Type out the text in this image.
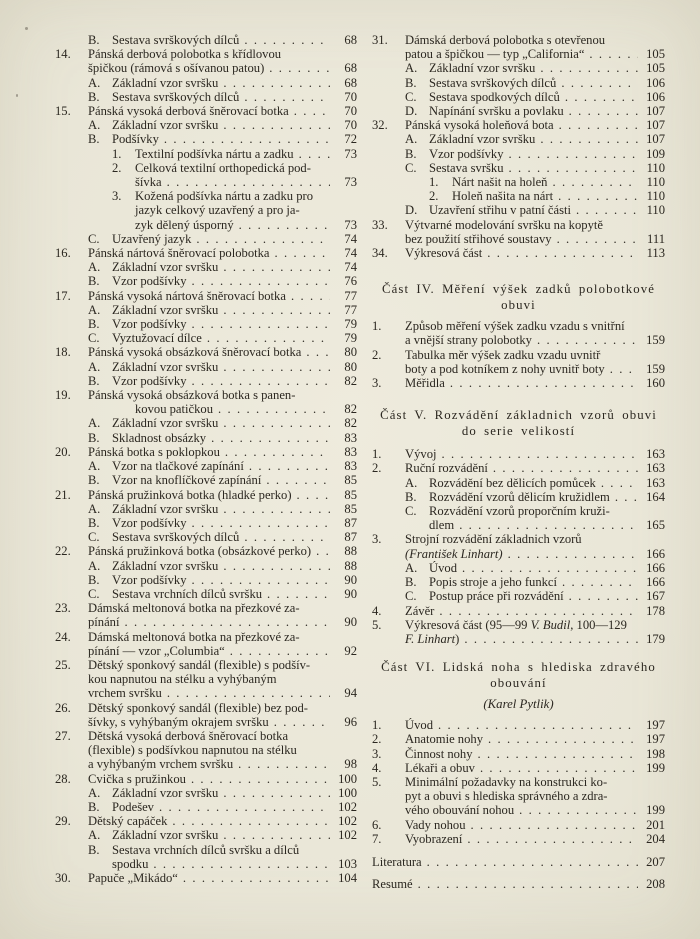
B. Sestava svrškových dílců . . .	68
14.	Pánská derbová polobotka s křídlovou
špičkou (rámová s ošívanou patou) . . .	68
A. Základní vzor svršku . . .	68
B. Sestava svrškových dílců . . .	70
15.	Pánská vysoká derbová šněrovací botka . . .	70
A. Základní vzor svršku . . .	70
B. Podšívky . . .	72
1.	Textilní podšívka nártu a zadku . . .	73
2.	Celková textilní orthopedická pod-
šívka . . .	73
3.	Kožená podšívka nártu a zadku pro
jazyk celkový uzavřený a pro ja-
zyk dělený úsporný . . .	73
C. Uzavřený jazyk . . .	74
16.	Pánská nártová šněrovací polobotka . . .	74
A. Základní vzor svršku . . .	74
B. Vzor podšívky . . .	76
17.	Pánská vysoká nártová šněrovací botka . . .	77
A. Základní vzor svršku . . .	77
B. Vzor podšívky . . .	79
C. Vyztužovací dílce . . .	79
18.	Pánská vysoká obsázková šněrovací botka . . .	80
A. Základní vzor svršku . . .	80
B. Vzor podšívky . . .	82
19.	Pánská vysoká obsázková botka s panen-
kovou patičkou . . .	82
A. Základní vzor svršku . . .	82
B. Skladnost obsázky . . .	83
20.	Pánská botka s poklopkou . . .	83
A. Vzor na tlačkové zapínání . . .	83
B. Vzor na knoflíčkové zapínání . . .	85
21.	Pánská pružinková botka (hladké perko) . . .	85
A. Základní vzor svršku . . .	85
B. Vzor podšívky . . .	87
C. Sestava svrškových dílců . . .	87
22.	Pánská pružinková botka (obsázkové perko) . . .	88
A. Základní vzor svršku . . .	88
B. Vzor podšívky . . .	90
C. Sestava vrchních dílců svršku . . .	90
23.	Dámská meltonová botka na přezkové za-
pínání . . .	90
24.	Dámská meltonová botka na přezkové za-
pínání — vzor „Columbia“ . . .	92
25.	Dětský sponkový sandál (flexible) s podšív-
kou napnutou na stélku a vyhýbaným
vrchem svršku . . .	94
26.	Dětský sponkový sandál (flexible) bez pod-
šívky, s vyhýbaným okrajem svršku . . .	96
27.	Dětská vysoká derbová šněrovací botka
(flexible) s podšívkou napnutou na stélku
a vyhýbaným vrchem svršku . . .	98
28.	Cvička s pružinkou . . .	100
A. Základní vzor svršku . . .	100
B. Podešev . . .	102
29.	Dětský capáček . . .	102
A. Základní vzor svršku . . .	102
B. Sestava vrchních dílců svršku a dílců
spodku . . .	103
30.	Papuče „Mikádo“ . . .	104
31.	Dámská derbová polobotka s otevřenou
patou a špičkou — typ „California“ . . .	105
A. Základní vzor svršku . . .	105
B. Sestava svrškových dílců . . .	106
C. Sestava spodkových dílců . . .	106
D. Napínání svršku a povlaku . . .	107
32.	Pánská vysoká holeňová bota . . .	107
A. Základní vzor svršku . . .	107
B. Vzor podšívky . . .	109
C. Sestava svršku . . .	110
1.	Nárt našit na holeň . . .	110
2.	Holeň našita na nárt . . .	110
D. Uzavření střihu v patní části . . .	110
33.	Výtvarné modelování svršku na kopytě
bez použití střihové soustavy . . .	111
34.	Výkresová část . . .	113
Část IV. Měření výšek zadků polobotkové
obuvi
1.	Způsob měření výšek zadku vzadu s vnitřní
a vnější strany polobotky . . .	159
2.	Tabulka měr výšek zadku vzadu uvnitř
boty a pod kotníkem z nohy uvnitř boty . . .	159
3.	Měřidla . . .	160
Část V. Rozvádění základnich vzorů obuvi
do serie velikostí
1.	Vývoj . . .	163
2.	Ruční rozvádění . . .	163
A. Rozvádění bez dělicích pomůcek . . .	163
B. Rozvádění vzorů dělicím kružidlem . . .	164
C. Rozvádění vzorů proporčním kruži-
dlem . . .	165
3.	Strojní rozvádění základnich vzorů
(František Linhart) . . .	166
A. Úvod . . .	166
B. Popis stroje a jeho funkcí . . .	166
C. Postup práce při rozvádění . . .	167
4.	Závěr . . .	178
5.	Výkresová část (95—99 V. Budil, 100—129
F. Linhart) . . .	179
Část VI. Lidská noha s hlediska zdravého
obouvání
(Karel Pytlik)
1.	Úvod . . .	197
2.	Anatomie nohy . . .	197
3.	Činnost nohy . . .	198
4.	Lékaři a obuv . . .	199
5.	Minimální požadavky na konstrukci ko-
pyt a obuvi s hlediska správného a zdra-
vého obouvání nohou . . .	199
6.	Vady nohou . . .	201
7.	Vyobrazení . . .	204
Literatura . . .	207
Resumé . . .	208
